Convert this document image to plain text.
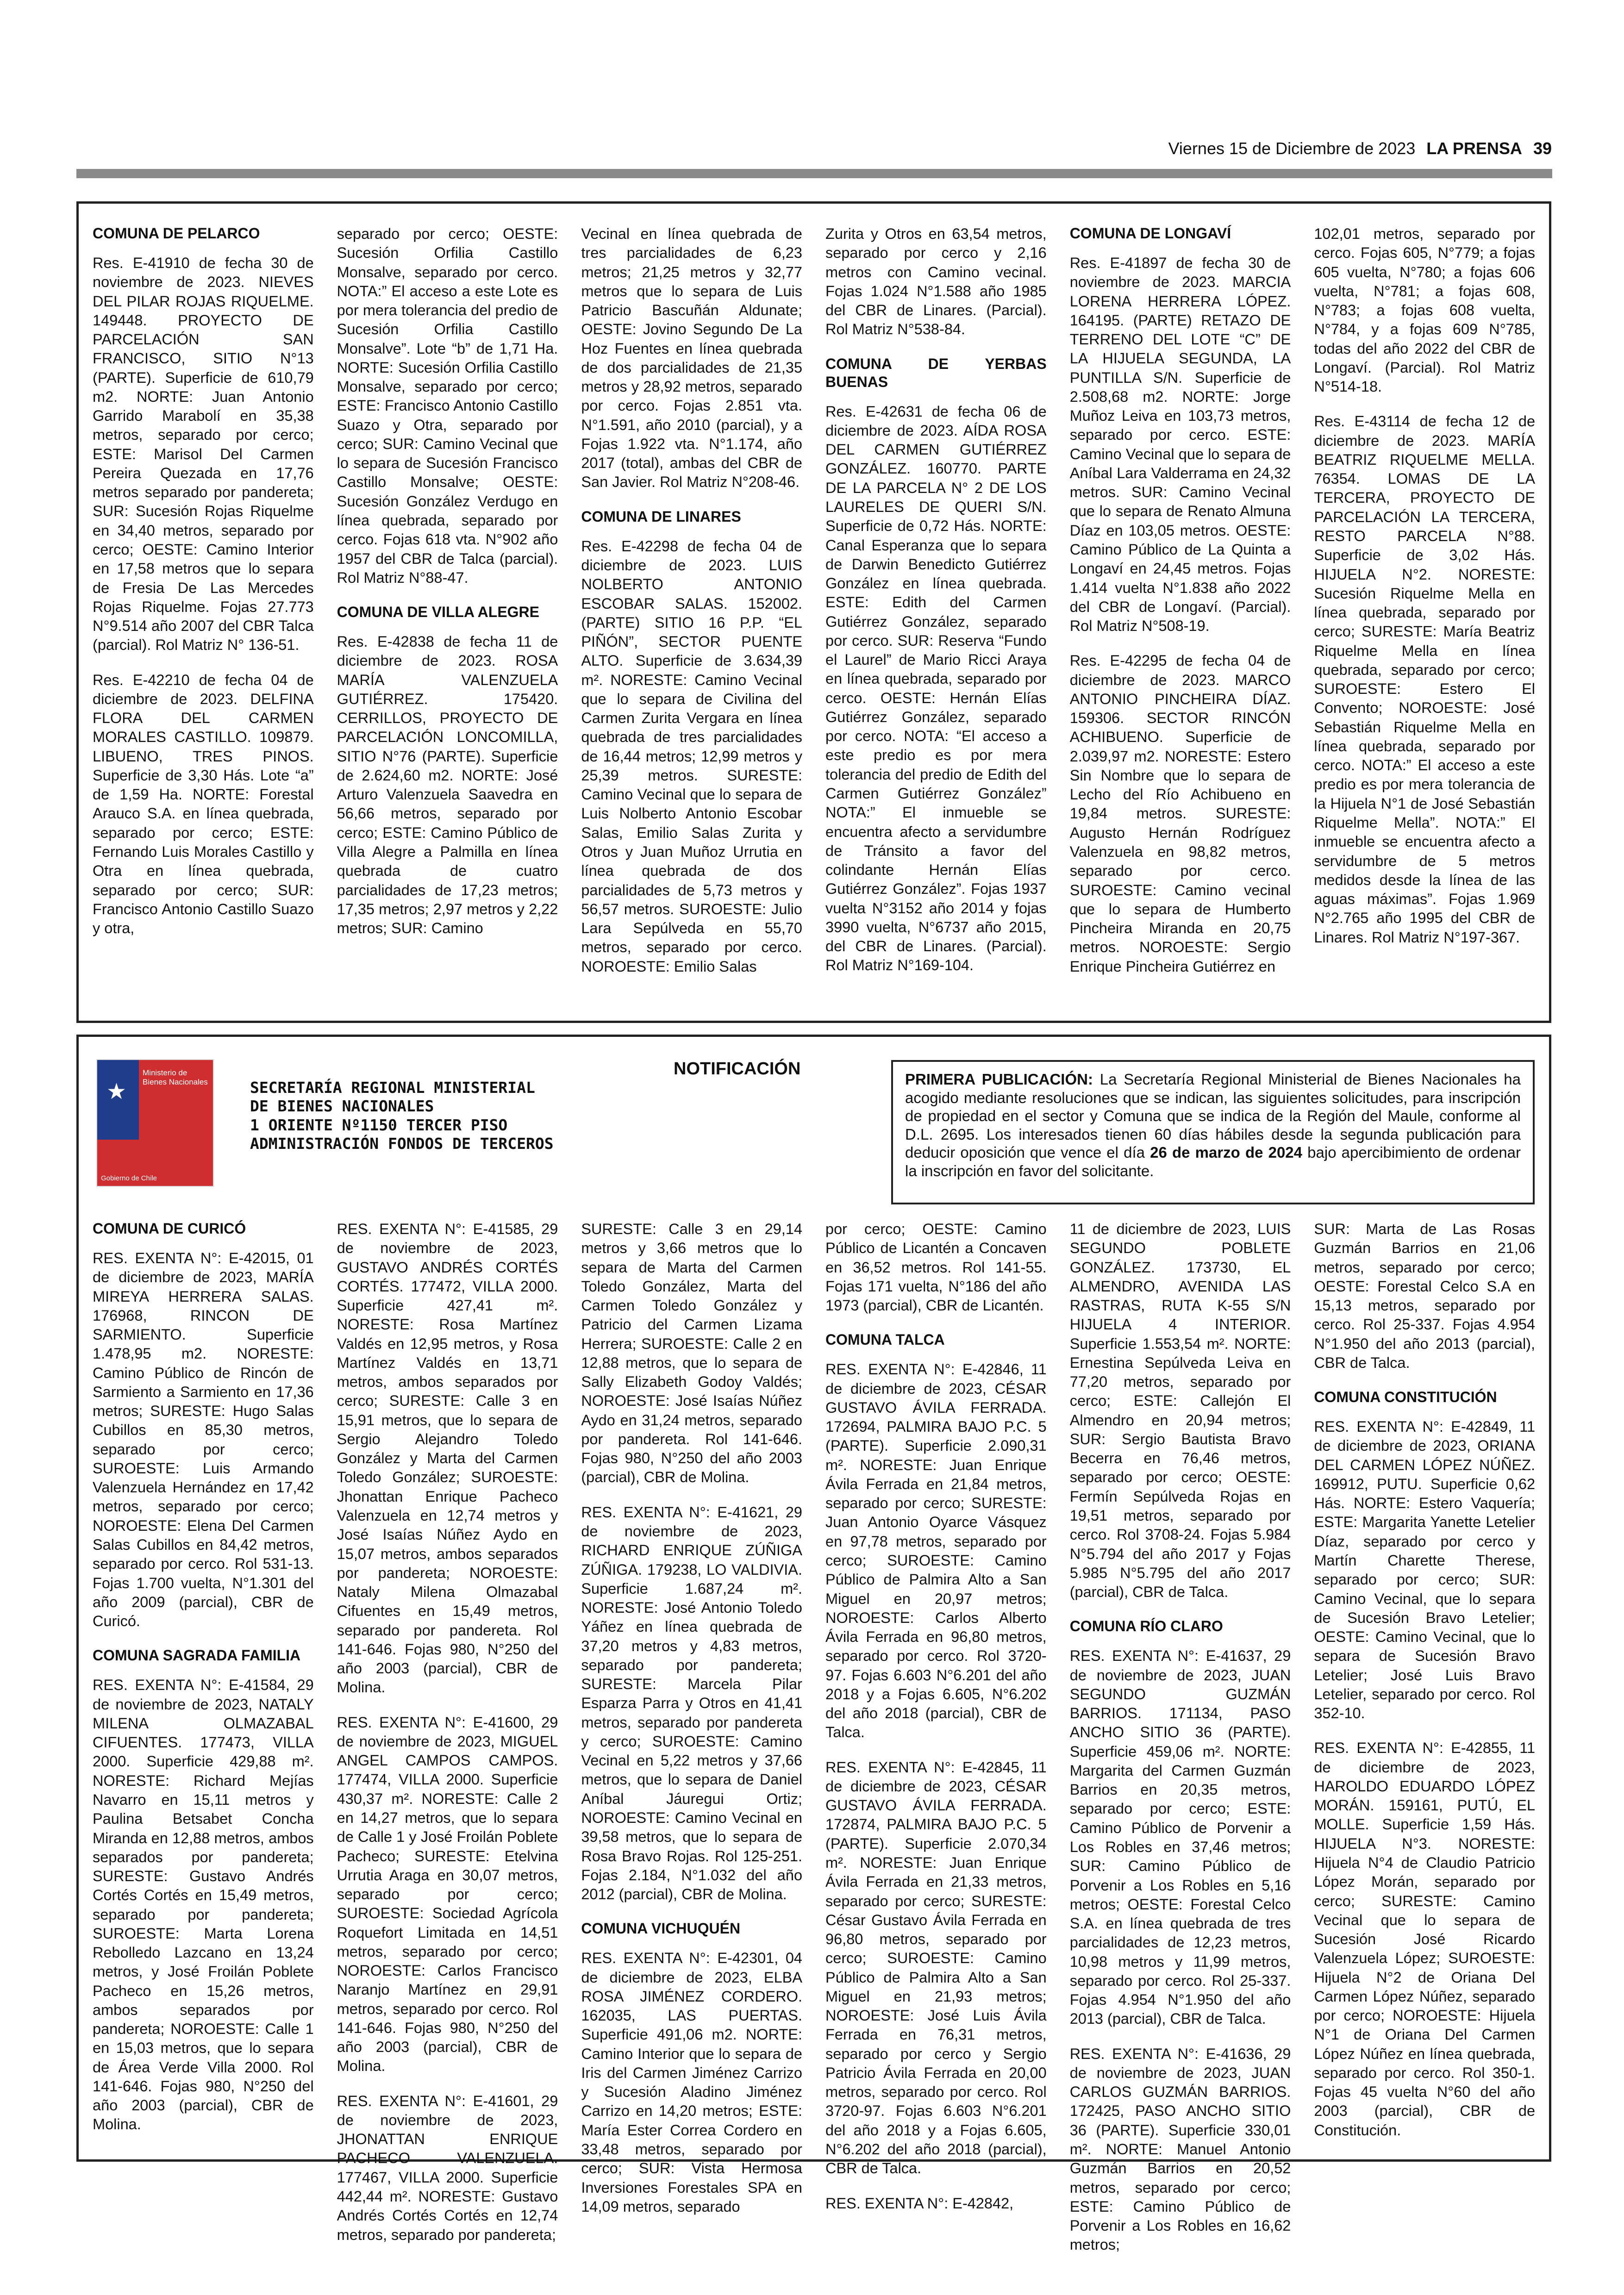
Viernes 15 de Diciembre de 2023 LA PRENSA 39
COMUNA DE PELARCO

Res. E-41910 de fecha 30 de noviembre de 2023. NIEVES DEL PILAR ROJAS RIQUELME. 149448. PROYECTO DE PARCELACIÓN SAN FRANCISCO, SITIO N°13 (PARTE). Superficie de 610,79 m2. NORTE: Juan Antonio Garrido Marabolí en 35,38 metros, separado por cerco; ESTE: Marisol Del Carmen Pereira Quezada en 17,76 metros separado por pandereta; SUR: Sucesión Rojas Riquelme en 34,40 metros, separado por cerco; OESTE: Camino Interior en 17,58 metros que lo separa de Fresia De Las Mercedes Rojas Riquelme. Fojas 27.773 N°9.514 año 2007 del CBR Talca (parcial). Rol Matriz N° 136-51.

Res. E-42210 de fecha 04 de diciembre de 2023. DELFINA FLORA DEL CARMEN MORALES CASTILLO. 109879. LIBUENO, TRES PINOS. Superficie de 3,30 Hás. Lote “a” de 1,59 Ha. NORTE: Forestal Arauco S.A. en línea quebrada, separado por cerco; ESTE: Fernando Luis Morales Castillo y Otra en línea quebrada, separado por cerco; SUR: Francisco Antonio Castillo Suazo y otra,

separado por cerco; OESTE: Sucesión Orfilia Castillo Monsalve, separado por cerco. NOTA:” El acceso a este Lote es por mera tolerancia del predio de Sucesión Orfilia Castillo Monsalve”. Lote “b” de 1,71 Ha. NORTE: Sucesión Orfilia Castillo Monsalve, separado por cerco; ESTE: Francisco Antonio Castillo Suazo y Otra, separado por cerco; SUR: Camino Vecinal que lo separa de Sucesión Francisco Castillo Monsalve; OESTE: Sucesión González Verdugo en línea quebrada, separado por cerco. Fojas 618 vta. N°902 año 1957 del CBR de Talca (parcial). Rol Matriz N°88-47.

COMUNA DE VILLA ALEGRE

Res. E-42838 de fecha 11 de diciembre de 2023. ROSA MARÍA VALENZUELA GUTIÉRREZ. 175420. CERRILLOS, PROYECTO DE PARCELACIÓN LONCOMILLA, SITIO N°76 (PARTE). Superficie de 2.624,60 m2. NORTE: José Arturo Valenzuela Saavedra en 56,66 metros, separado por cerco; ESTE: Camino Público de Villa Alegre a Palmilla en línea quebrada de cuatro parcialidades de 17,23 metros; 17,35 metros; 2,97 metros y 2,22 metros; SUR: Camino

Vecinal en línea quebrada de tres parcialidades de 6,23 metros; 21,25 metros y 32,77 metros que lo separa de Luis Patricio Bascuñán Aldunate; OESTE: Jovino Segundo De La Hoz Fuentes en línea quebrada de dos parcialidades de 21,35 metros y 28,92 metros, separado por cerco. Fojas 2.851 vta. N°1.591, año 2010 (parcial), y a Fojas 1.922 vta. N°1.174, año 2017 (total), ambas del CBR de San Javier. Rol Matriz N°208-46.

COMUNA DE LINARES

Res. E-42298 de fecha 04 de diciembre de 2023. LUIS NOLBERTO ANTONIO ESCOBAR SALAS. 152002. (PARTE) SITIO 16 P.P. “EL PIÑÓN”, SECTOR PUENTE ALTO. Superficie de 3.634,39 m². NORESTE: Camino Vecinal que lo separa de Civilina del Carmen Zurita Vergara en línea quebrada de tres parcialidades de 16,44 metros; 12,99 metros y 25,39 metros. SURESTE: Camino Vecinal que lo separa de Luis Nolberto Antonio Escobar Salas, Emilio Salas Zurita y Otros y Juan Muñoz Urrutia en línea quebrada de dos parcialidades de 5,73 metros y 56,57 metros. SUROESTE: Julio Lara Sepúlveda en 55,70 metros, separado por cerco. NOROESTE: Emilio Salas

Zurita y Otros en 63,54 metros, separado por cerco y 2,16 metros con Camino vecinal. Fojas 1.024 N°1.588 año 1985 del CBR de Linares. (Parcial). Rol Matriz N°538-84.

COMUNA DE YERBAS BUENAS

Res. E-42631 de fecha 06 de diciembre de 2023. AÍDA ROSA DEL CARMEN GUTIÉRREZ GONZÁLEZ. 160770. PARTE DE LA PARCELA N° 2 DE LOS LAURELES DE QUERI S/N. Superficie de 0,72 Hás. NORTE: Canal Esperanza que lo separa de Darwin Benedicto Gutiérrez González en línea quebrada. ESTE: Edith del Carmen Gutiérrez González, separado por cerco. SUR: Reserva “Fundo el Laurel” de Mario Ricci Araya en línea quebrada, separado por cerco. OESTE: Hernán Elías Gutiérrez González, separado por cerco. NOTA: “El acceso a este predio es por mera tolerancia del predio de Edith del Carmen Gutiérrez González” NOTA:” El inmueble se encuentra afecto a servidumbre de Tránsito a favor del colindante Hernán Elías Gutiérrez González”. Fojas 1937 vuelta N°3152 año 2014 y fojas 3990 vuelta, N°6737 año 2015, del CBR de Linares. (Parcial). Rol Matriz N°169-104.

COMUNA DE LONGAVÍ

Res. E-41897 de fecha 30 de noviembre de 2023. MARCIA LORENA HERRERA LÓPEZ. 164195. (PARTE) RETAZO DE TERRENO DEL LOTE “C” DE LA HIJUELA SEGUNDA, LA PUNTILLA S/N. Superficie de 2.508,68 m2. NORTE: Jorge Muñoz Leiva en 103,73 metros, separado por cerco. ESTE: Camino Vecinal que lo separa de Aníbal Lara Valderrama en 24,32 metros. SUR: Camino Vecinal que lo separa de Renato Almuna Díaz en 103,05 metros. OESTE: Camino Público de La Quinta a Longaví en 24,45 metros. Fojas 1.414 vuelta N°1.838 año 2022 del CBR de Longaví. (Parcial). Rol Matriz N°508-19.

Res. E-42295 de fecha 04 de diciembre de 2023. MARCO ANTONIO PINCHEIRA DÍAZ. 159306. SECTOR RINCÓN ACHIBUENO. Superficie de 2.039,97 m2. NORESTE: Estero Sin Nombre que lo separa de Lecho del Río Achibueno en 19,84 metros. SURESTE: Augusto Hernán Rodríguez Valenzuela en 98,82 metros, separado por cerco. SUROESTE: Camino vecinal que lo separa de Humberto Pincheira Miranda en 20,75 metros. NOROESTE: Sergio Enrique Pincheira Gutiérrez en

102,01 metros, separado por cerco. Fojas 605, N°779; a fojas 605 vuelta, N°780; a fojas 606 vuelta, N°781; a fojas 608, N°783; a fojas 608 vuelta, N°784, y a fojas 609 N°785, todas del año 2022 del CBR de Longaví. (Parcial). Rol Matriz N°514-18.

Res. E-43114 de fecha 12 de diciembre de 2023. MARÍA BEATRIZ RIQUELME MELLA. 76354. LOMAS DE LA TERCERA, PROYECTO DE PARCELACIÓN LA TERCERA, RESTO PARCELA N°88. Superficie de 3,02 Hás. HIJUELA N°2. NORESTE: Sucesión Riquelme Mella en línea quebrada, separado por cerco; SURESTE: María Beatriz Riquelme Mella en línea quebrada, separado por cerco; SUROESTE: Estero El Convento; NOROESTE: José Sebastián Riquelme Mella en línea quebrada, separado por cerco. NOTA:” El acceso a este predio es por mera tolerancia de la Hijuela N°1 de José Sebastián Riquelme Mella”. NOTA:” El inmueble se encuentra afecto a servidumbre de 5 metros medidos desde la línea de las aguas máximas”. Fojas 1.969 N°2.765 año 1995 del CBR de Linares. Rol Matriz N°197-367.

★
Ministerio de Bienes Nacionales
Gobierno de Chile
SECRETARÍA REGIONAL MINISTERIAL
DE BIENES NACIONALES
1 ORIENTE Nº1150 TERCER PISO
ADMINISTRACIÓN FONDOS DE TERCEROS
NOTIFICACIÓN
PRIMERA PUBLICACIÓN: La Secretaría Regional Ministerial de Bienes Nacionales ha acogido mediante resoluciones que se indican, las siguientes solicitudes, para inscripción de propiedad en el sector y Comuna que se indica de la Región del Maule, conforme al D.L. 2695. Los interesados tienen 60 días hábiles desde la segunda publicación para deducir oposición que vence el día 26 de marzo de 2024 bajo apercibimiento de ordenar la inscripción en favor del solicitante.
COMUNA DE CURICÓ

RES. EXENTA N°: E-42015, 01 de diciembre de 2023, MARÍA MIREYA HERRERA SALAS. 176968, RINCON DE SARMIENTO. Superficie 1.478,95 m2. NORESTE: Camino Público de Rincón de Sarmiento a Sarmiento en 17,36 metros; SURESTE: Hugo Salas Cubillos en 85,30 metros, separado por cerco; SUROESTE: Luis Armando Valenzuela Hernández en 17,42 metros, separado por cerco; NOROESTE: Elena Del Carmen Salas Cubillos en 84,42 metros, separado por cerco. Rol 531-13. Fojas 1.700 vuelta, N°1.301 del año 2009 (parcial), CBR de Curicó.

COMUNA SAGRADA FAMILIA

RES. EXENTA N°: E-41584, 29 de noviembre de 2023, NATALY MILENA OLMAZABAL CIFUENTES. 177473, VILLA 2000. Superficie 429,88 m². NORESTE: Richard Mejías Navarro en 15,11 metros y Paulina Betsabet Concha Miranda en 12,88 metros, ambos separados por pandereta; SURESTE: Gustavo Andrés Cortés Cortés en 15,49 metros, separado por pandereta; SUROESTE: Marta Lorena Rebolledo Lazcano en 13,24 metros, y José Froilán Poblete Pacheco en 15,26 metros, ambos separados por pandereta; NOROESTE: Calle 1 en 15,03 metros, que lo separa de Área Verde Villa 2000. Rol 141-646. Fojas 980, N°250 del año 2003 (parcial), CBR de Molina.

RES. EXENTA N°: E-41585, 29 de noviembre de 2023, GUSTAVO ANDRÉS CORTÉS CORTÉS. 177472, VILLA 2000. Superficie 427,41 m². NORESTE: Rosa Martínez Valdés en 12,95 metros, y Rosa Martínez Valdés en 13,71 metros, ambos separados por cerco; SURESTE: Calle 3 en 15,91 metros, que lo separa de Sergio Alejandro Toledo González y Marta del Carmen Toledo González; SUROESTE: Jhonattan Enrique Pacheco Valenzuela en 12,74 metros y José Isaías Núñez Aydo en 15,07 metros, ambos separados por pandereta; NOROESTE: Nataly Milena Olmazabal Cifuentes en 15,49 metros, separado por pandereta. Rol 141-646. Fojas 980, N°250 del año 2003 (parcial), CBR de Molina.

RES. EXENTA N°: E-41600, 29 de noviembre de 2023, MIGUEL ANGEL CAMPOS CAMPOS. 177474, VILLA 2000. Superficie 430,37 m². NORESTE: Calle 2 en 14,27 metros, que lo separa de Calle 1 y José Froilán Poblete Pacheco; SURESTE: Etelvina Urrutia Araga en 30,07 metros, separado por cerco; SUROESTE: Sociedad Agrícola Roquefort Limitada en 14,51 metros, separado por cerco; NOROESTE: Carlos Francisco Naranjo Martínez en 29,91 metros, separado por cerco. Rol 141-646. Fojas 980, N°250 del año 2003 (parcial), CBR de Molina.

RES. EXENTA N°: E-41601, 29 de noviembre de 2023, JHONATTAN ENRIQUE PACHECO VALENZUELA. 177467, VILLA 2000. Superficie 442,44 m². NORESTE: Gustavo Andrés Cortés Cortés en 12,74 metros, separado por pandereta;

SURESTE: Calle 3 en 29,14 metros y 3,66 metros que lo separa de Marta del Carmen Toledo González, Marta del Carmen Toledo González y Patricio del Carmen Lizama Herrera; SUROESTE: Calle 2 en 12,88 metros, que lo separa de Sally Elizabeth Godoy Valdés; NOROESTE: José Isaías Núñez Aydo en 31,24 metros, separado por pandereta. Rol 141-646. Fojas 980, N°250 del año 2003 (parcial), CBR de Molina.

RES. EXENTA N°: E-41621, 29 de noviembre de 2023, RICHARD ENRIQUE ZÚÑIGA ZÚÑIGA. 179238, LO VALDIVIA. Superficie 1.687,24 m². NORESTE: José Antonio Toledo Yáñez en línea quebrada de 37,20 metros y 4,83 metros, separado por pandereta; SURESTE: Marcela Pilar Esparza Parra y Otros en 41,41 metros, separado por pandereta y cerco; SUROESTE: Camino Vecinal en 5,22 metros y 37,66 metros, que lo separa de Daniel Aníbal Jáuregui Ortiz; NOROESTE: Camino Vecinal en 39,58 metros, que lo separa de Rosa Bravo Rojas. Rol 125-251. Fojas 2.184, N°1.032 del año 2012 (parcial), CBR de Molina.

COMUNA VICHUQUÉN

RES. EXENTA N°: E-42301, 04 de diciembre de 2023, ELBA ROSA JIMÉNEZ CORDERO. 162035, LAS PUERTAS. Superficie 491,06 m2. NORTE: Camino Interior que lo separa de Iris del Carmen Jiménez Carrizo y Sucesión Aladino Jiménez Carrizo en 14,20 metros; ESTE: María Ester Correa Cordero en 33,48 metros, separado por cerco; SUR: Vista Hermosa Inversiones Forestales SPA en 14,09 metros, separado

por cerco; OESTE: Camino Público de Licantén a Concaven en 36,52 metros. Rol 141-55. Fojas 171 vuelta, N°186 del año 1973 (parcial), CBR de Licantén.

COMUNA TALCA

RES. EXENTA N°: E-42846, 11 de diciembre de 2023, CÉSAR GUSTAVO ÁVILA FERRADA. 172694, PALMIRA BAJO P.C. 5 (PARTE). Superficie 2.090,31 m². NORESTE: Juan Enrique Ávila Ferrada en 21,84 metros, separado por cerco; SURESTE: Juan Antonio Oyarce Vásquez en 97,78 metros, separado por cerco; SUROESTE: Camino Público de Palmira Alto a San Miguel en 20,97 metros; NOROESTE: Carlos Alberto Ávila Ferrada en 96,80 metros, separado por cerco. Rol 3720-97. Fojas 6.603 N°6.201 del año 2018 y a Fojas 6.605, N°6.202 del año 2018 (parcial), CBR de Talca.

RES. EXENTA N°: E-42845, 11 de diciembre de 2023, CÉSAR GUSTAVO ÁVILA FERRADA. 172874, PALMIRA BAJO P.C. 5 (PARTE). Superficie 2.070,34 m². NORESTE: Juan Enrique Ávila Ferrada en 21,33 metros, separado por cerco; SURESTE: César Gustavo Ávila Ferrada en 96,80 metros, separado por cerco; SUROESTE: Camino Público de Palmira Alto a San Miguel en 21,93 metros; NOROESTE: José Luis Ávila Ferrada en 76,31 metros, separado por cerco y Sergio Patricio Ávila Ferrada en 20,00 metros, separado por cerco. Rol 3720-97. Fojas 6.603 N°6.201 del año 2018 y a Fojas 6.605, N°6.202 del año 2018 (parcial), CBR de Talca.

RES. EXENTA N°: E-42842,

11 de diciembre de 2023, LUIS SEGUNDO POBLETE GONZÁLEZ. 173730, EL ALMENDRO, AVENIDA LAS RASTRAS, RUTA K-55 S/N HIJUELA 4 INTERIOR. Superficie 1.553,54 m². NORTE: Ernestina Sepúlveda Leiva en 77,20 metros, separado por cerco; ESTE: Callejón El Almendro en 20,94 metros; SUR: Sergio Bautista Bravo Becerra en 76,46 metros, separado por cerco; OESTE: Fermín Sepúlveda Rojas en 19,51 metros, separado por cerco. Rol 3708-24. Fojas 5.984 N°5.794 del año 2017 y Fojas 5.985 N°5.795 del año 2017 (parcial), CBR de Talca.

COMUNA RÍO CLARO

RES. EXENTA N°: E-41637, 29 de noviembre de 2023, JUAN SEGUNDO GUZMÁN BARRIOS. 171134, PASO ANCHO SITIO 36 (PARTE). Superficie 459,06 m². NORTE: Margarita del Carmen Guzmán Barrios en 20,35 metros, separado por cerco; ESTE: Camino Público de Porvenir a Los Robles en 37,46 metros; SUR: Camino Público de Porvenir a Los Robles en 5,16 metros; OESTE: Forestal Celco S.A. en línea quebrada de tres parcialidades de 12,23 metros, 10,98 metros y 11,99 metros, separado por cerco. Rol 25-337. Fojas 4.954 N°1.950 del año 2013 (parcial), CBR de Talca.

RES. EXENTA N°: E-41636, 29 de noviembre de 2023, JUAN CARLOS GUZMÁN BARRIOS. 172425, PASO ANCHO SITIO 36 (PARTE). Superficie 330,01 m². NORTE: Manuel Antonio Guzmán Barrios en 20,52 metros, separado por cerco; ESTE: Camino Público de Porvenir a Los Robles en 16,62 metros;

SUR: Marta de Las Rosas Guzmán Barrios en 21,06 metros, separado por cerco; OESTE: Forestal Celco S.A en 15,13 metros, separado por cerco. Rol 25-337. Fojas 4.954 N°1.950 del año 2013 (parcial), CBR de Talca.

COMUNA CONSTITUCIÓN

RES. EXENTA N°: E-42849, 11 de diciembre de 2023, ORIANA DEL CARMEN LÓPEZ NÚÑEZ. 169912, PUTU. Superficie 0,62 Hás. NORTE: Estero Vaquería; ESTE: Margarita Yanette Letelier Díaz, separado por cerco y Martín Charette Therese, separado por cerco; SUR: Camino Vecinal, que lo separa de Sucesión Bravo Letelier; OESTE: Camino Vecinal, que lo separa de Sucesión Bravo Letelier; José Luis Bravo Letelier, separado por cerco. Rol 352-10.

RES. EXENTA N°: E-42855, 11 de diciembre de 2023, HAROLDO EDUARDO LÓPEZ MORÁN. 159161, PUTÚ, EL MOLLE. Superficie 1,59 Hás. HIJUELA N°3. NORESTE: Hijuela N°4 de Claudio Patricio López Morán, separado por cerco; SURESTE: Camino Vecinal que lo separa de Sucesión José Ricardo Valenzuela López; SUROESTE: Hijuela N°2 de Oriana Del Carmen López Núñez, separado por cerco; NOROESTE: Hijuela N°1 de Oriana Del Carmen López Núñez en línea quebrada, separado por cerco. Rol 350-1. Fojas 45 vuelta N°60 del año 2003 (parcial), CBR de Constitución.
